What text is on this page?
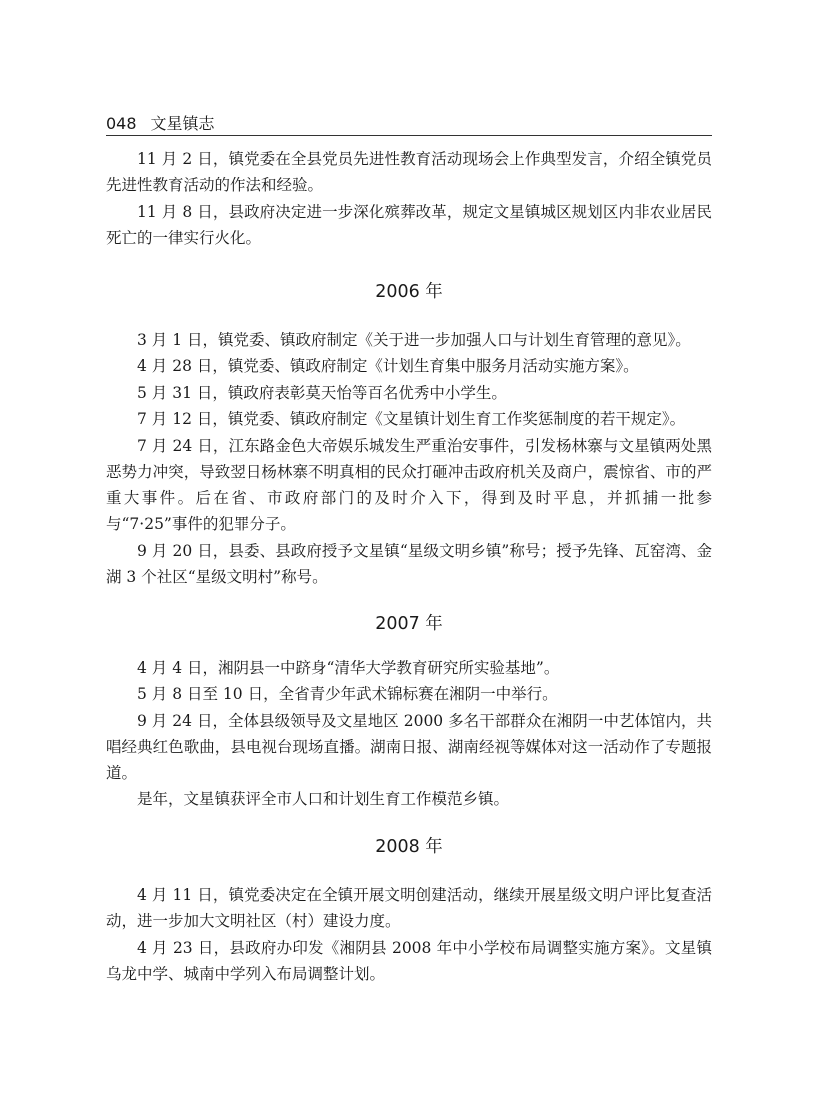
048 文星镇志

11 月 2 日，镇党委在全县党员先进性教育活动现场会上作典型发言，介绍全镇党员先进性教育活动的作法和经验。

11 月 8 日，县政府决定进一步深化殡葬改革，规定文星镇城区规划区内非农业居民死亡的一律实行火化。

2006 年

3 月 1 日，镇党委、镇政府制定《关于进一步加强人口与计划生育管理的意见》。

4 月 28 日，镇党委、镇政府制定《计划生育集中服务月活动实施方案》。

5 月 31 日，镇政府表彰莫天怡等百名优秀中小学生。

7 月 12 日，镇党委、镇政府制定《文星镇计划生育工作奖惩制度的若干规定》。

7 月 24 日，江东路金色大帝娱乐城发生严重治安事件，引发杨林寨与文星镇两处黑恶势力冲突，导致翌日杨林寨不明真相的民众打砸冲击政府机关及商户，震惊省、市的严重大事件。后在省、市政府部门的及时介入下，得到及时平息，并抓捕一批参与“7·25”事件的犯罪分子。

9 月 20 日，县委、县政府授予文星镇“星级文明乡镇”称号；授予先锋、瓦窑湾、金湖 3 个社区“星级文明村”称号。

2007 年

4 月 4 日，湘阴县一中跻身“清华大学教育研究所实验基地”。

5 月 8 日至 10 日，全省青少年武术锦标赛在湘阴一中举行。

9 月 24 日，全体县级领导及文星地区 2000 多名干部群众在湘阴一中艺体馆内，共唱经典红色歌曲，县电视台现场直播。湖南日报、湖南经视等媒体对这一活动作了专题报道。

是年，文星镇获评全市人口和计划生育工作模范乡镇。

2008 年

4 月 11 日，镇党委决定在全镇开展文明创建活动，继续开展星级文明户评比复查活动，进一步加大文明社区（村）建设力度。

4 月 23 日，县政府办印发《湘阴县 2008 年中小学校布局调整实施方案》。文星镇乌龙中学、城南中学列入布局调整计划。
